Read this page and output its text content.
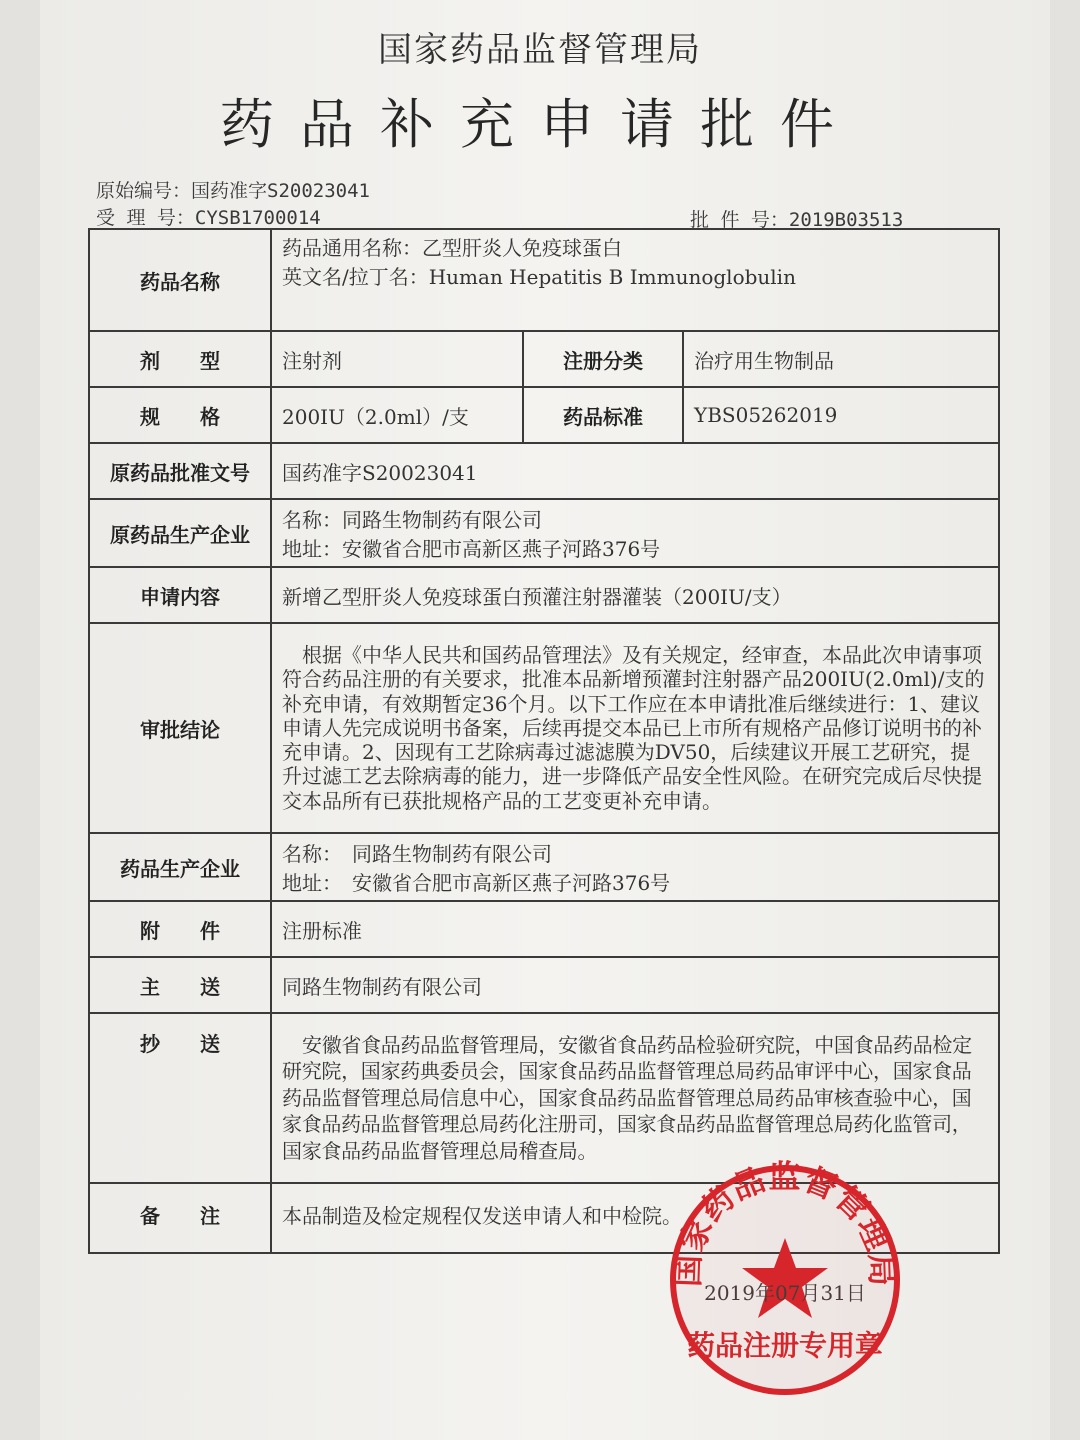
国家药品监督管理局
药品补充申请批件
原始编号：国药准字S20023041
受 理 号：CYSB1700014	批 件 号：2019B03513
药品名称	药品通用名称：乙型肝炎人免疫球蛋白
英文名/拉丁名：Human Hepatitis B Immunoglobulin		

剂　　型	注射剂	注册分类	治疗用生物制品
规　　格	200IU（2.0ml）/支	药品标准	YBS05262019
原药品批准文号	国药准字S20023041		
原药品生产企业	名称：同路生物制药有限公司
地址：安徽省合肥市高新区燕子河路376号		

申请内容	新增乙型肝炎人免疫球蛋白预灌注射器灌装（200IU/支）		
审批结论	根据《中华人民共和国药品管理法》及有关规定，经审查，本品此次申请事项符合药品注册的有关要求，批准本品新增预灌封注射器产品200IU(2.0ml)/支的补充申请，有效期暂定36个月。以下工作应在本申请批准后继续进行：1、建议申请人先完成说明书备案，后续再提交本品已上市所有规格产品修订说明书的补充申请。2、因现有工艺除病毒过滤滤膜为DV50，后续建议开展工艺研究，提升过滤工艺去除病毒的能力，进一步降低产品安全性风险。在研究完成后尽快提交本品所有已获批规格产品的工艺变更补充申请。		
药品生产企业	名称：　同路生物制药有限公司
地址：　安徽省合肥市高新区燕子河路376号		

附　　件	注册标准		
主　　送	同路生物制药有限公司		
抄　　送	安徽省食品药品监督管理局，安徽省食品药品检验研究院，中国食品药品检定研究院，国家药典委员会，国家食品药品监督管理总局药品审评中心，国家食品药品监督管理总局信息中心，国家食品药品监督管理总局药品审核查验中心，国家食品药品监督管理总局药化注册司，国家食品药品监督管理总局药化监管司，国家食品药品监督管理总局稽查局。		
备　　注	本品制造及检定规程仅发送申请人和中检院。		
国家药品监督管理局
2019年07月31日
药品注册专用章
